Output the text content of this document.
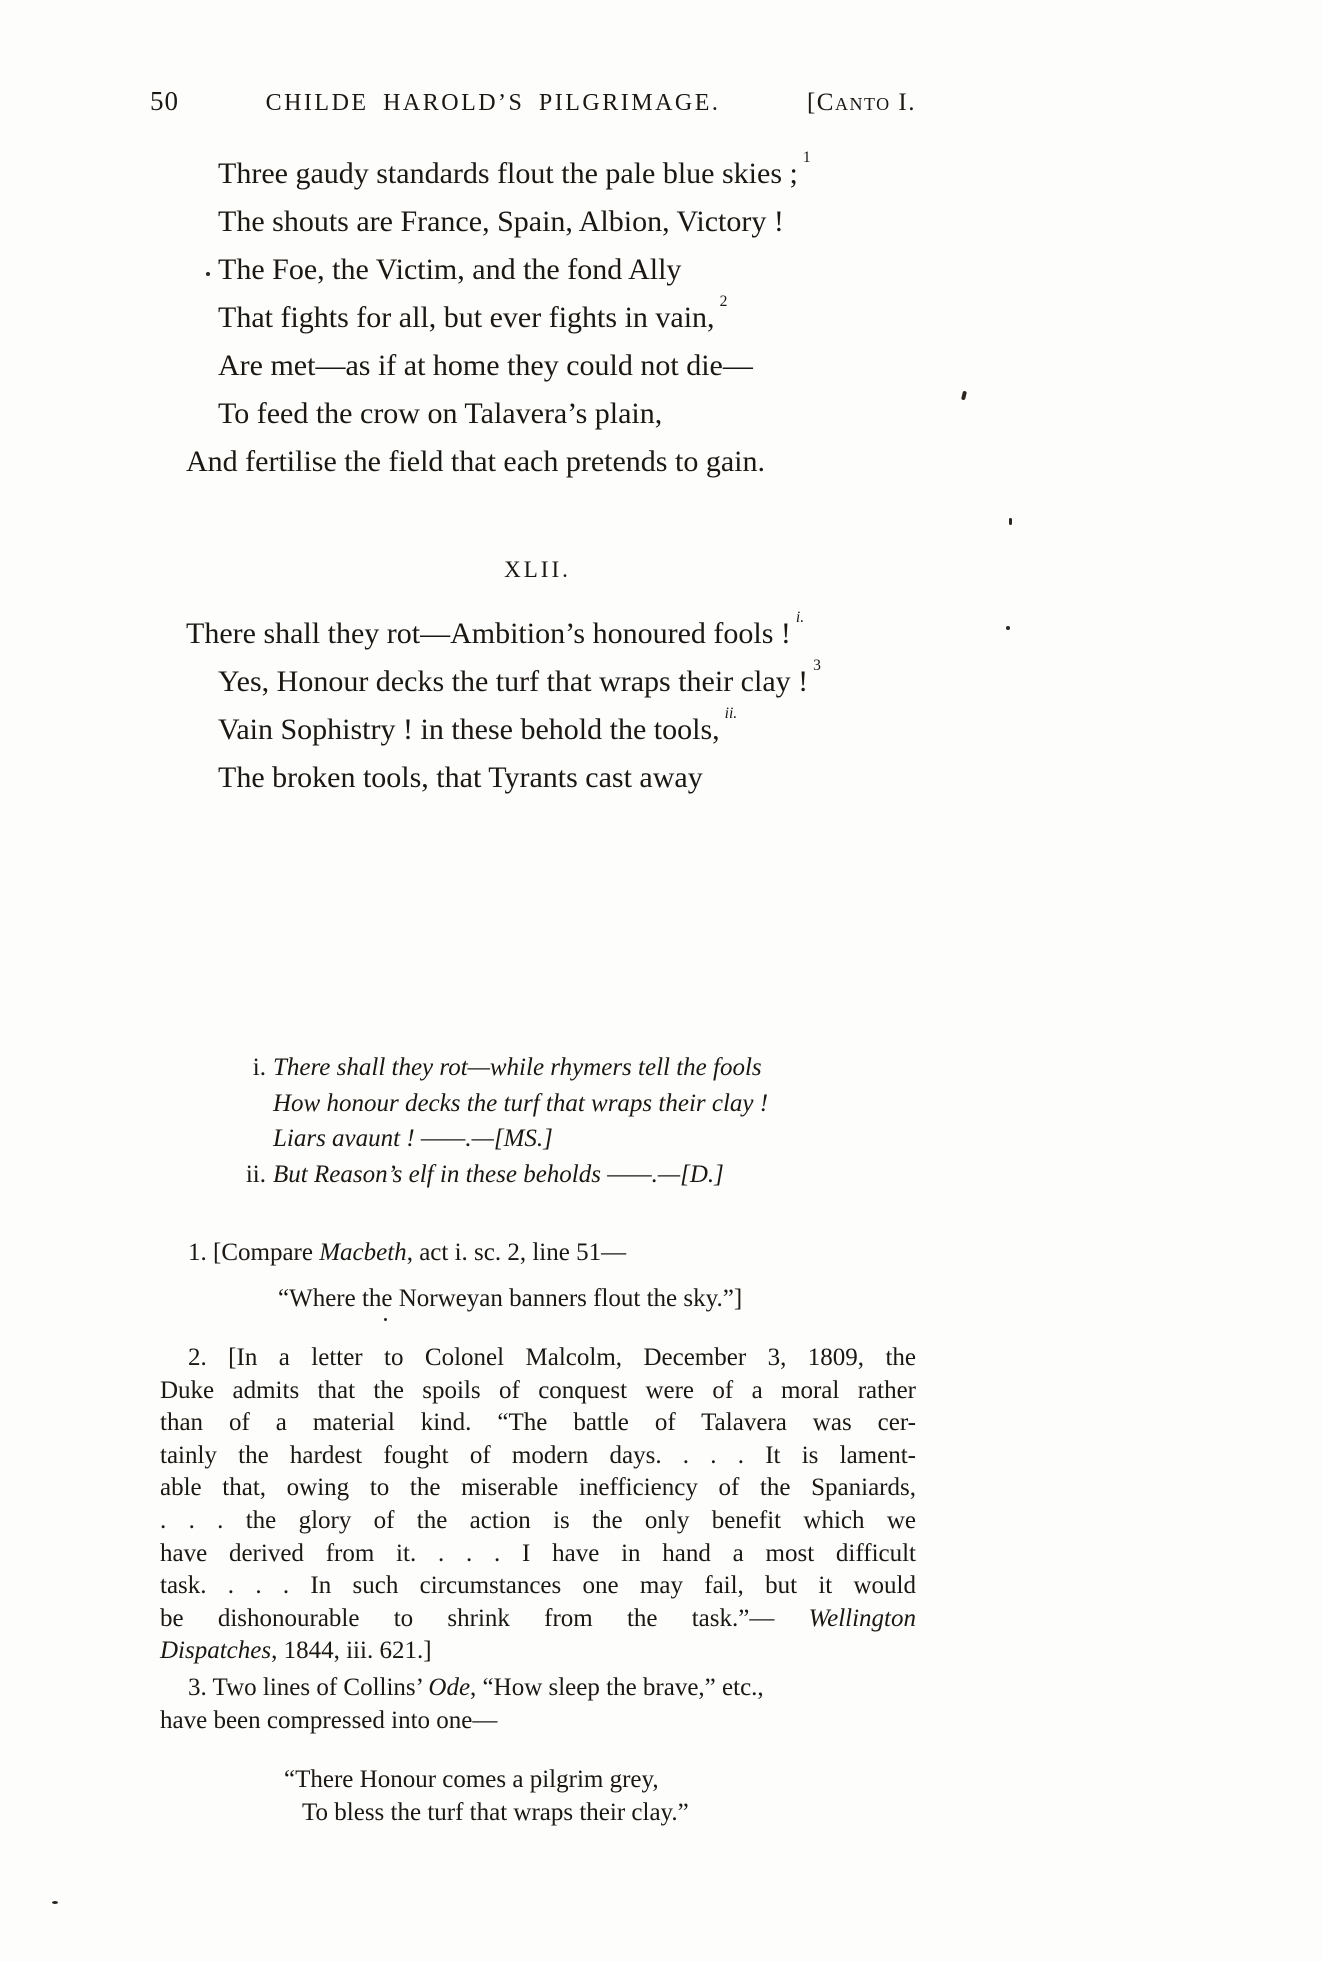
50	CHILDE HAROLD’S PILGRIMAGE.	[Canto I.
Three gaudy standards flout the pale blue skies ; $^1$
The shouts are France, Spain, Albion, Victory !
The Foe, the Victim, and the fond Ally
That fights for all, but ever fights in vain, $^2$
Are met—as if at home they could not die—
To feed the crow on Talavera’s plain,
And fertilise the field that each pretends to gain.
XLII.
There shall they rot—Ambition’s honoured fools ! $^{i.}$
Yes, Honour decks the turf that wraps their clay ! $^3$
Vain Sophistry ! in these behold the tools, $^{ii.}$
The broken tools, that Tyrants cast away
i. There shall they rot—while rhymers tell the fools
How honour decks the turf that wraps their clay !
Liars avaunt ! ——.—[MS.]
ii. But Reason’s elf in these beholds ——.—[D.]
1. [Compare Macbeth, act i. sc. 2, line 51—
“Where the Norweyan banners flout the sky.”]
2. [In a letter to Colonel Malcolm, December 3, 1809, the
Duke admits that the spoils of conquest were of a moral rather
than of a material kind. “The battle of Talavera was cer-
tainly the hardest fought of modern days. . . . It is lament-
able that, owing to the miserable inefficiency of the Spaniards,
. . . the glory of the action is the only benefit which we
have derived from it. . . . I have in hand a most difficult
task. . . . In such circumstances one may fail, but it would
be dishonourable to shrink from the task.”— Wellington
Dispatches, 1844, iii. 621.]
3. Two lines of Collins’ Ode, “How sleep the brave,” etc.,
have been compressed into one—
“There Honour comes a pilgrim grey,
To bless the turf that wraps their clay.”
